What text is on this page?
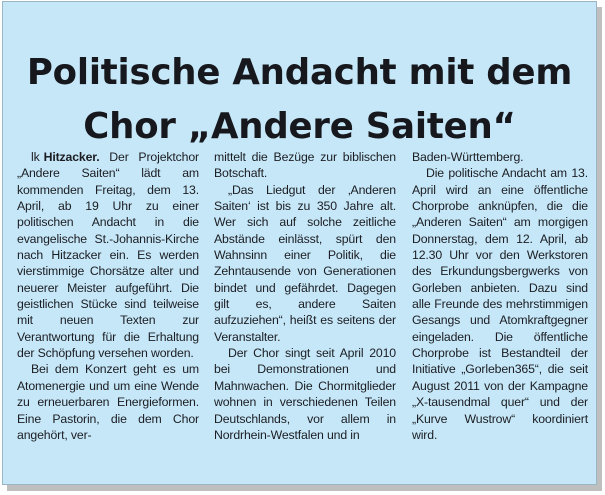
Politische Andacht mit dem
Chor „Andere Saiten“

lk Hitzacker. Der Projektchor „Andere Saiten“ lädt am kommenden Freitag, dem 13. April, ab 19 Uhr zu einer politischen Andacht in die evangelische St.-Johannis-Kirche nach Hitzacker ein. Es werden vierstimmige Chorsätze alter und neuerer Meister aufgeführt. Die geistlichen Stücke sind teilweise mit neuen Texten zur Verantwortung für die Erhaltung der Schöpfung versehen worden.

Bei dem Konzert geht es um Atomenergie und um eine Wende zu erneuerbaren Energieformen. Eine Pastorin, die dem Chor angehört, ver-

mittelt die Bezüge zur biblischen Botschaft.

„Das Liedgut der ‚Anderen Saiten‘ ist bis zu 350 Jahre alt. Wer sich auf solche zeitliche Abstände einlässt, spürt den Wahnsinn einer Politik, die Zehntausende von Generationen bindet und gefährdet. Dagegen gilt es, andere Saiten aufzuziehen“, heißt es seitens der Veranstalter.

Der Chor singt seit April 2010 bei Demonstrationen und Mahnwachen. Die Chormitglieder wohnen in verschiedenen Teilen Deutschlands, vor allem in Nordrhein-Westfalen und in

Baden-Württemberg.

Die politische Andacht am 13. April wird an eine öffentliche Chorprobe anknüpfen, die die „Anderen Saiten“ am morgigen Donnerstag, dem 12. April, ab 12.30 Uhr vor den Werkstoren des Erkundungsbergwerks von Gorleben anbieten. Dazu sind alle Freunde des mehrstimmigen Gesangs und Atomkraftgegner eingeladen. Die öffentliche Chorprobe ist Bestandteil der Initiative „Gorleben365“, die seit August 2011 von der Kampagne „X-tausendmal quer“ und der „Kurve Wustrow“ koordiniert wird.
